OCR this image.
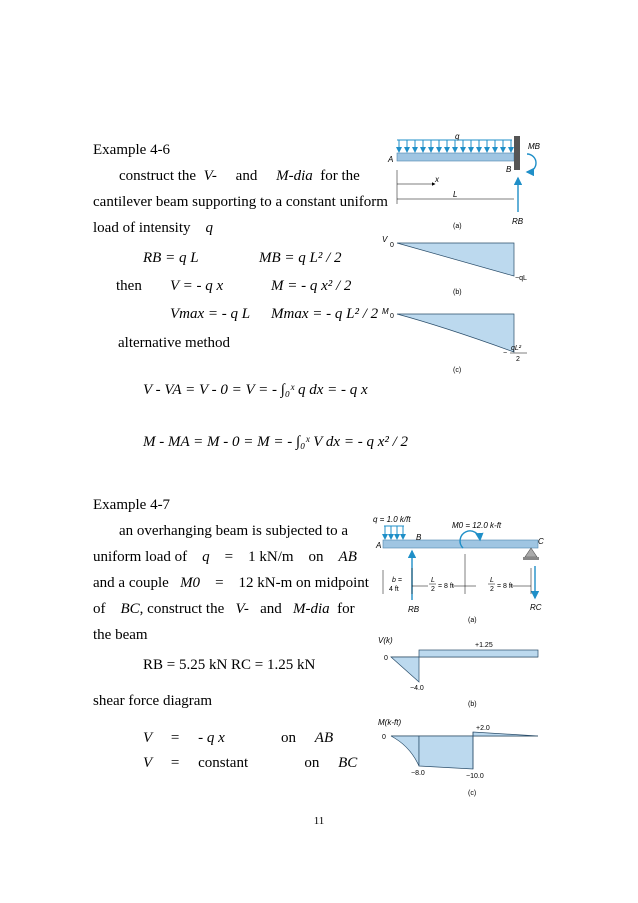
Example 4-6
construct the V- and M-dia for the
cantilever beam supporting to a constant uniform
load of intensity q
RB = q L	MB = q L² / 2
then V = - q x	M = - q x² / 2
Vmax = - q L Mmax = - q L² / 2
alternative method
V - VA = V - 0 = V = - ∫₀ˣ q dx = - q x
M - MA = M - 0 = M = - ∫₀ˣ V dx = - q x² / 2
q
A
B
MB
x
L
RB
(a)
V
0
−qL
(b)
M
0
−
qL²
2
(c)
Example 4-7
an overhanging beam is subjected to a
uniform load of q = 1 kN/m on AB
and a couple M0 = 12 kN-m on midpoint
of BC, construct the V- and M-dia for
the beam
RB = 5.25 kN RC = 1.25 kN
shear force diagram
V = - q x	on AB
V = constant	on BC
q = 1.0 k/ft
A
B	C
M0 = 12.0 k-ft
RB	RC
b =
4 ft
L
2 = 8 ft
L
2 = 8 ft
(a)
V(k)
0
+1.25
−4.0
(b)
M(k-ft)
0
+2.0
−8.0	−10.0
(c)
11
